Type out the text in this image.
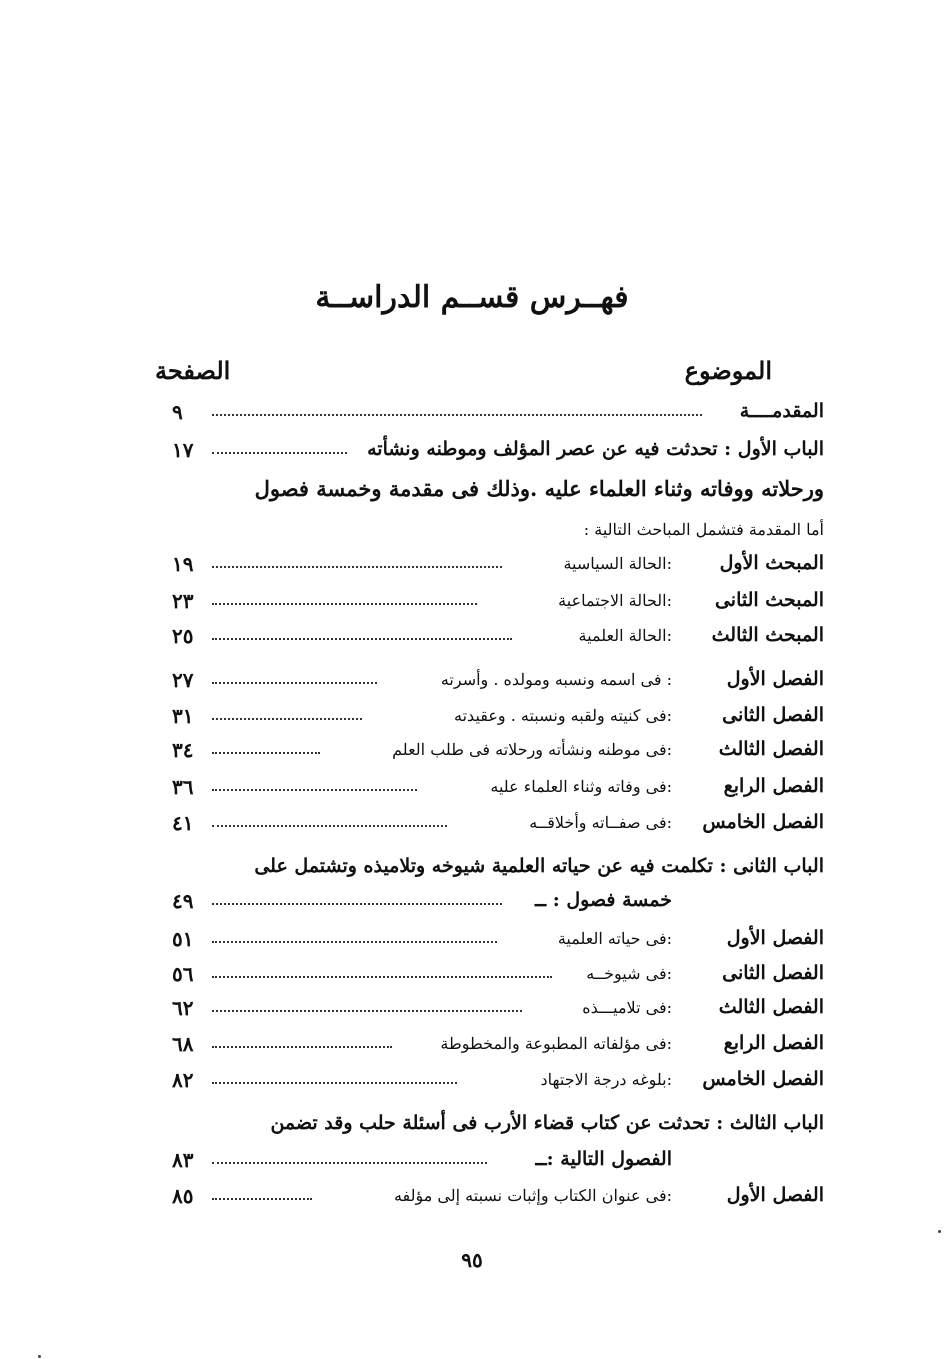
فهــرس قســم الدراســة
الموضوع
الصفحة
المقدمــــة
٩
الباب الأول : تحدثت فيه عن عصر المؤلف وموطنه ونشأته
١٧
ورحلاته ووفاته وثناء العلماء عليه .وذلك فى مقدمة وخمسة فصول
أما المقدمة فتشمل المباحث التالية :
المبحث الأول
:الحالة السياسية
١٩
المبحث الثانى
:الحالة الاجتماعية
٢٣
المبحث الثالث
:الحالة العلمية
٢٥
الفصل الأول
: فى اسمه ونسبه ومولده . وأسرته
٢٧
الفصل الثانى
:فى كنيته ولقبه ونسبته . وعقيدته
٣١
الفصل الثالث
:فى موطنه ونشأته ورحلاته فى طلب العلم
٣٤
الفصل الرابع
:فى وفاته وثناء العلماء عليه
٣٦
الفصل الخامس
:فى صفــاته وأخلاقــه
٤١
الباب الثانى : تكلمت فيه عن حياته العلمية شيوخه وتلاميذه وتشتمل على
خمسة فصول : ــ
٤٩
الفصل الأول
:فى حياته العلمية
٥١
الفصل الثانى
:فى شيوخــه
٥٦
الفصل الثالث
:فى تلاميـــذه
٦٢
الفصل الرابع
:فى مؤلفاته المطبوعة والمخطوطة
٦٨
الفصل الخامس
:بلوغه درجة الاجتهاد
٨٢
الباب الثالث : تحدثت عن كتاب قضاء الأرب فى أسئلة حلب وقد تضمن
الفصول التالية :ــ
٨٣
الفصل الأول
:فى عنوان الكتاب وإثبات نسبته إلى مؤلفه
٨٥
٩٥
